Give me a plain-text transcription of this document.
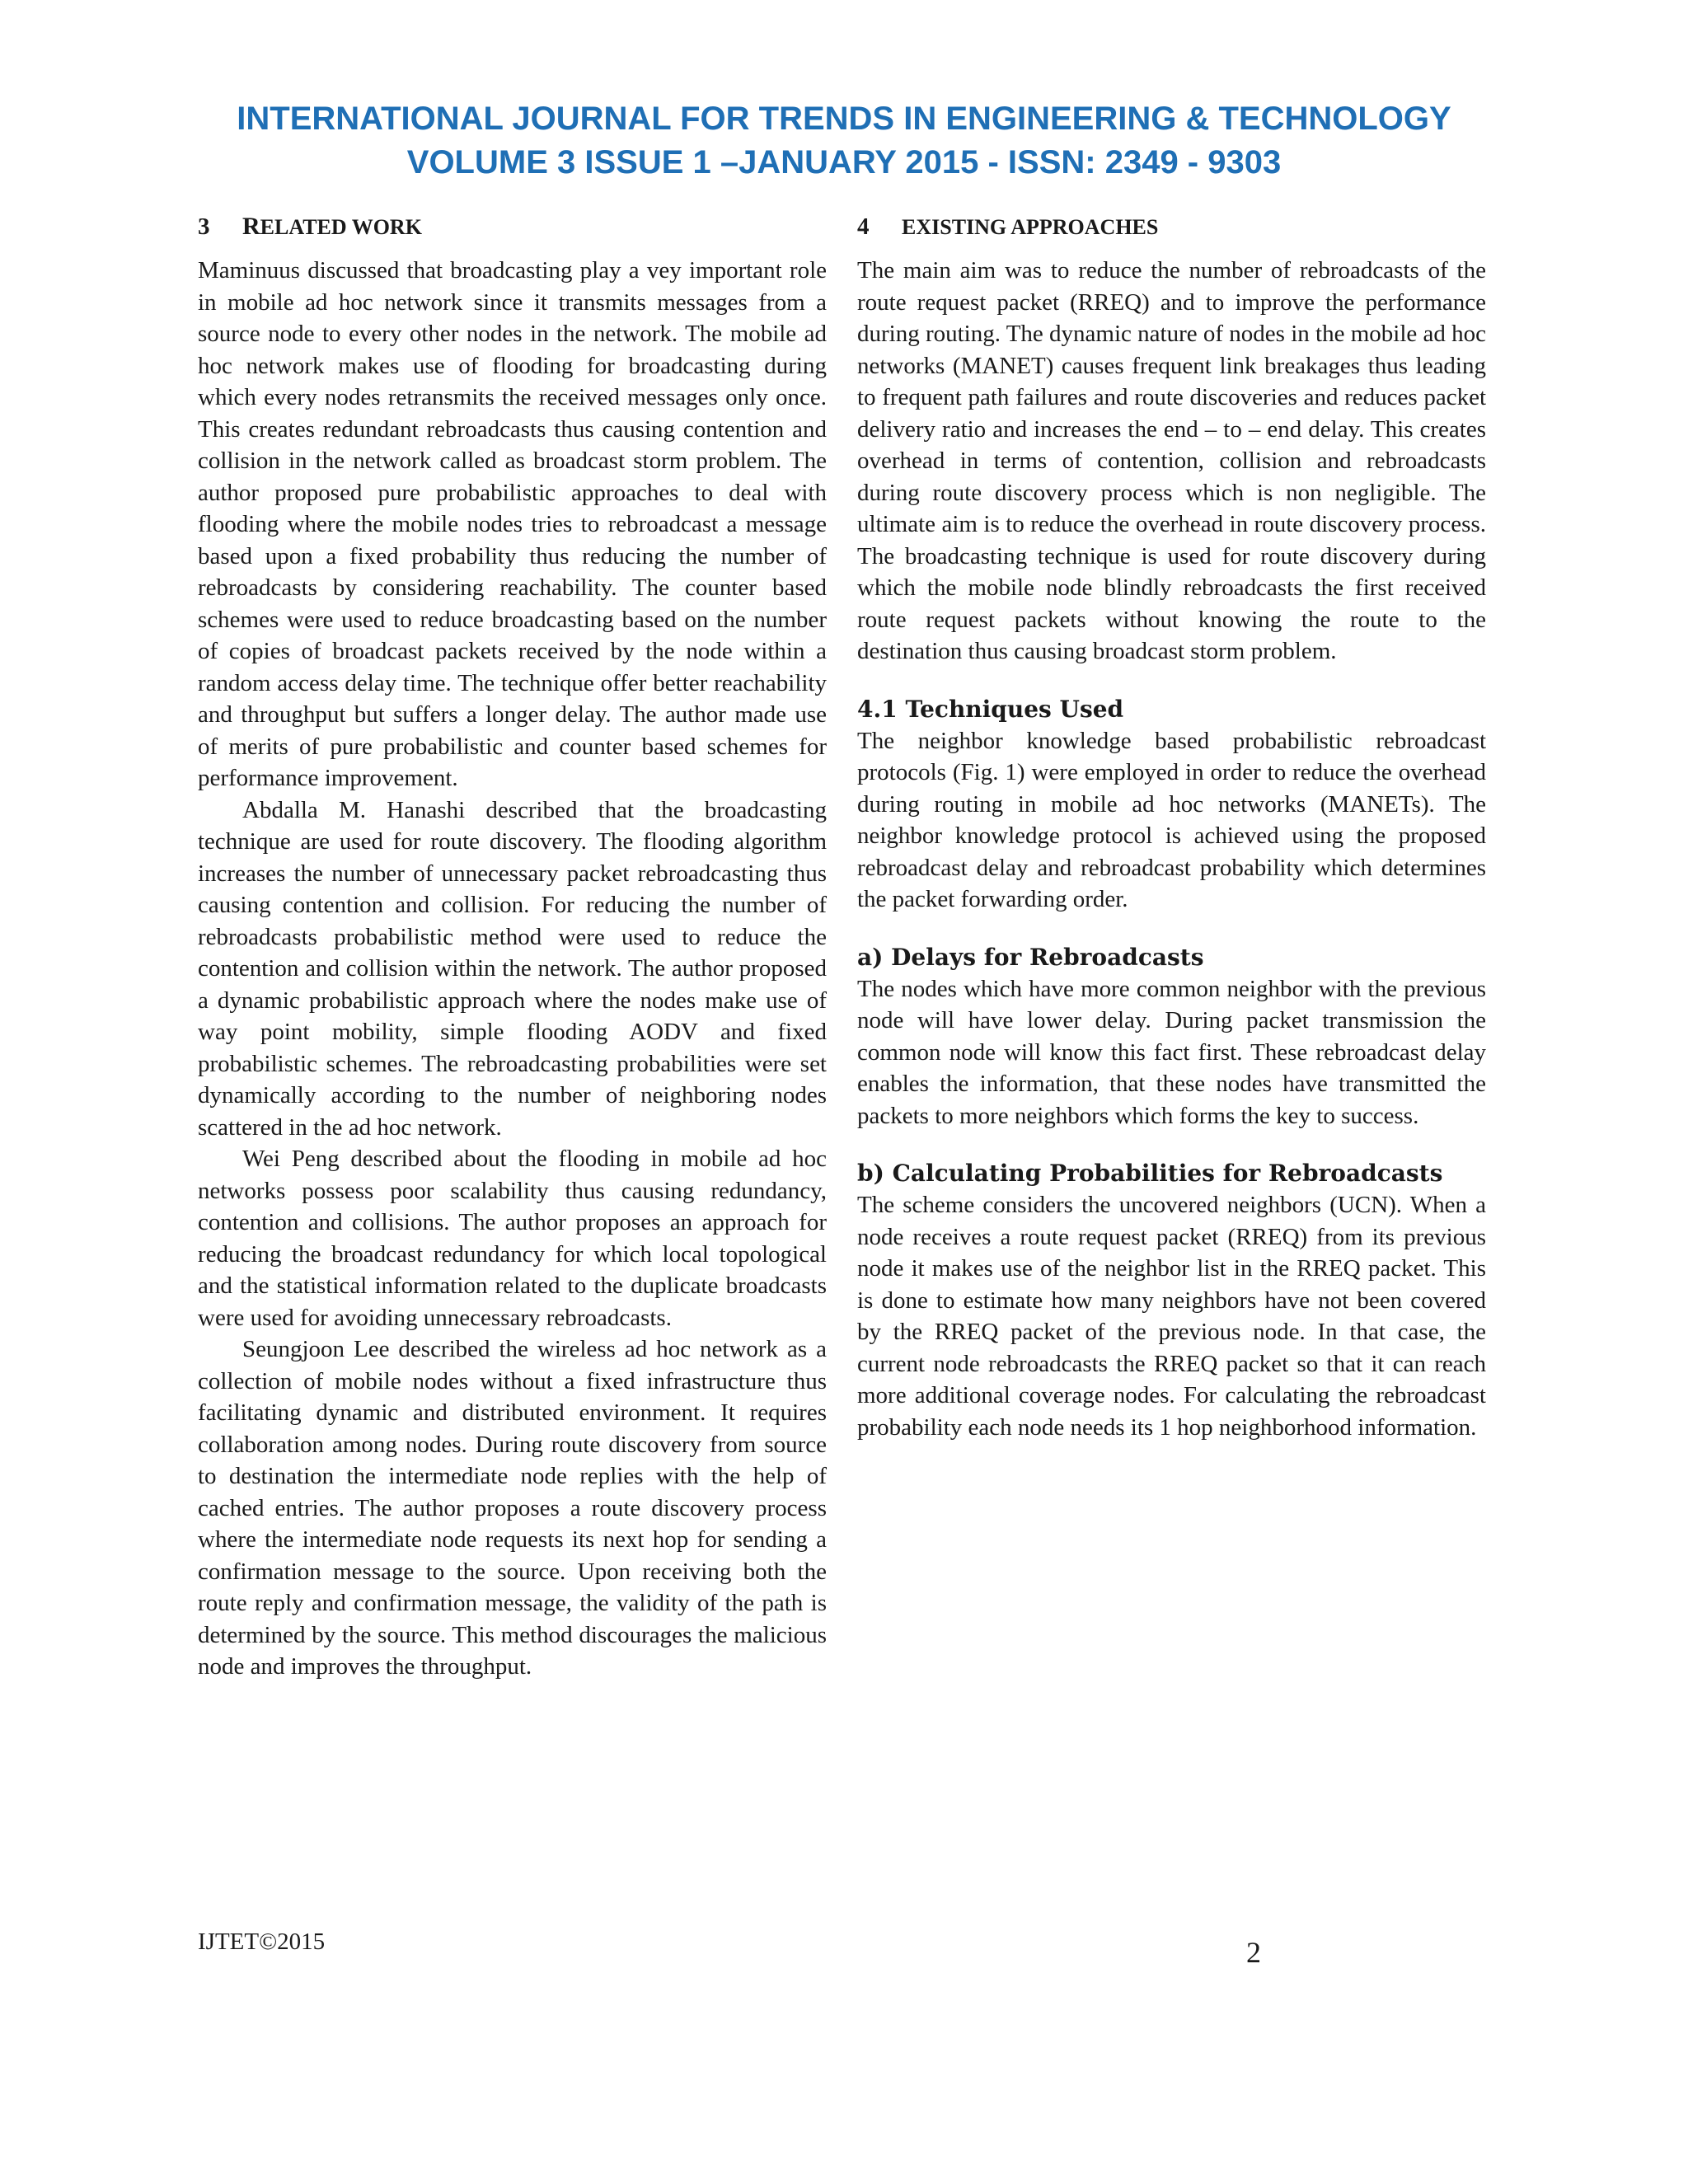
INTERNATIONAL JOURNAL FOR TRENDS IN ENGINEERING & TECHNOLOGY
VOLUME 3 ISSUE 1 –JANUARY 2015 - ISSN: 2349 - 9303
3 RELATED WORK

Maminuus discussed that broadcasting play a vey important role in mobile ad hoc network since it transmits messages from a source node to every other nodes in the network. The mobile ad hoc network makes use of flooding for broadcasting during which every nodes retransmits the received messages only once. This creates redundant rebroadcasts thus causing contention and collision in the network called as broadcast storm problem. The author proposed pure probabilistic approaches to deal with flooding where the mobile nodes tries to rebroadcast a message based upon a fixed probability thus reducing the number of rebroadcasts by considering reachability. The counter based schemes were used to reduce broadcasting based on the number of copies of broadcast packets received by the node within a random access delay time. The technique offer better reachability and throughput but suffers a longer delay. The author made use of merits of pure probabilistic and counter based schemes for performance improvement.

Abdalla M. Hanashi described that the broadcasting technique are used for route discovery. The flooding algorithm increases the number of unnecessary packet rebroadcasting thus causing contention and collision. For reducing the number of rebroadcasts probabilistic method were used to reduce the contention and collision within the network. The author proposed a dynamic probabilistic approach where the nodes make use of way point mobility, simple flooding AODV and fixed probabilistic schemes. The rebroadcasting probabilities were set dynamically according to the number of neighboring nodes scattered in the ad hoc network.

Wei Peng described about the flooding in mobile ad hoc networks possess poor scalability thus causing redundancy, contention and collisions. The author proposes an approach for reducing the broadcast redundancy for which local topological and the statistical information related to the duplicate broadcasts were used for avoiding unnecessary rebroadcasts.

Seungjoon Lee described the wireless ad hoc network as a collection of mobile nodes without a fixed infrastructure thus facilitating dynamic and distributed environment. It requires collaboration among nodes. During route discovery from source to destination the intermediate node replies with the help of cached entries. The author proposes a route discovery process where the intermediate node requests its next hop for sending a confirmation message to the source. Upon receiving both the route reply and confirmation message, the validity of the path is determined by the source. This method discourages the malicious node and improves the throughput.

4 EXISTING APPROACHES

The main aim was to reduce the number of rebroadcasts of the route request packet (RREQ) and to improve the performance during routing. The dynamic nature of nodes in the mobile ad hoc networks (MANET) causes frequent link breakages thus leading to frequent path failures and route discoveries and reduces packet delivery ratio and increases the end – to – end delay. This creates overhead in terms of contention, collision and rebroadcasts during route discovery process which is non negligible. The ultimate aim is to reduce the overhead in route discovery process. The broadcasting technique is used for route discovery during which the mobile node blindly rebroadcasts the first received route request packets without knowing the route to the destination thus causing broadcast storm problem.

4.1 Techniques Used

The neighbor knowledge based probabilistic rebroadcast protocols (Fig. 1) were employed in order to reduce the overhead during routing in mobile ad hoc networks (MANETs). The neighbor knowledge protocol is achieved using the proposed rebroadcast delay and rebroadcast probability which determines the packet forwarding order.

a) Delays for Rebroadcasts

The nodes which have more common neighbor with the previous node will have lower delay. During packet transmission the common node will know this fact first. These rebroadcast delay enables the information, that these nodes have transmitted the packets to more neighbors which forms the key to success.

b) Calculating Probabilities for Rebroadcasts

The scheme considers the uncovered neighbors (UCN). When a node receives a route request packet (RREQ) from its previous node it makes use of the neighbor list in the RREQ packet. This is done to estimate how many neighbors have not been covered by the RREQ packet of the previous node. In that case, the current node rebroadcasts the RREQ packet so that it can reach more additional coverage nodes. For calculating the rebroadcast probability each node needs its 1 hop neighborhood information.

IJTET©2015	2
